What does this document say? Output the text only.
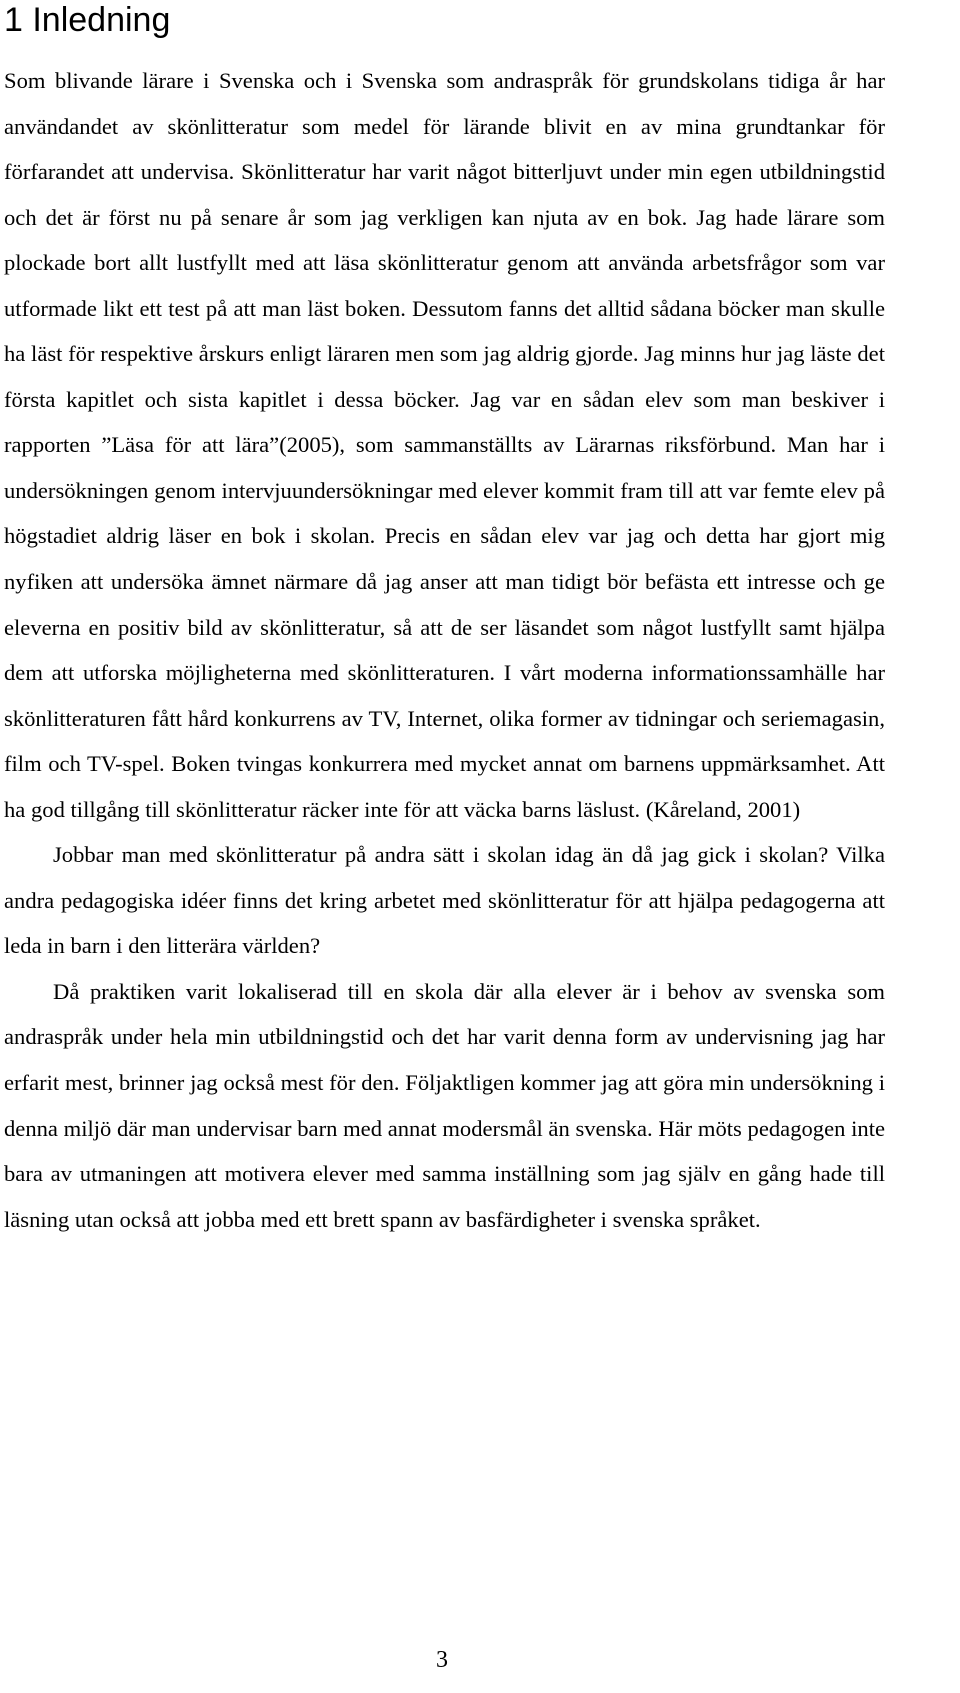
1 Inledning

Som blivande lärare i Svenska och i Svenska som andraspråk för grundskolans tidiga år har användandet av skönlitteratur som medel för lärande blivit en av mina grundtankar för förfarandet att undervisa. Skönlitteratur har varit något bitterljuvt under min egen utbildningstid och det är först nu på senare år som jag verkligen kan njuta av en bok. Jag hade lärare som plockade bort allt lustfyllt med att läsa skönlitteratur genom att använda arbetsfrågor som var utformade likt ett test på att man läst boken. Dessutom fanns det alltid sådana böcker man skulle ha läst för respektive årskurs enligt läraren men som jag aldrig gjorde. Jag minns hur jag läste det första kapitlet och sista kapitlet i dessa böcker. Jag var en sådan elev som man beskiver i rapporten ”Läsa för att lära”(2005), som sammanställts av Lärarnas riksförbund. Man har i undersökningen genom intervjuundersökningar med elever kommit fram till att var femte elev på högstadiet aldrig läser en bok i skolan. Precis en sådan elev var jag och detta har gjort mig nyfiken att undersöka ämnet närmare då jag anser att man tidigt bör befästa ett intresse och ge eleverna en positiv bild av skönlitteratur, så att de ser läsandet som något lustfyllt samt hjälpa dem att utforska möjligheterna med skönlitteraturen. I vårt moderna informationssamhälle har skönlitteraturen fått hård konkurrens av TV, Internet, olika former av tidningar och seriemagasin, film och TV-spel. Boken tvingas konkurrera med mycket annat om barnens uppmärksamhet. Att ha god tillgång till skönlitteratur räcker inte för att väcka barns läslust. (Kåreland, 2001)

Jobbar man med skönlitteratur på andra sätt i skolan idag än då jag gick i skolan? Vilka andra pedagogiska idéer finns det kring arbetet med skönlitteratur för att hjälpa pedagogerna att leda in barn i den litterära världen?

Då praktiken varit lokaliserad till en skola där alla elever är i behov av svenska som andraspråk under hela min utbildningstid och det har varit denna form av undervisning jag har erfarit mest, brinner jag också mest för den. Följaktligen kommer jag att göra min undersökning i denna miljö där man undervisar barn med annat modersmål än svenska. Här möts pedagogen inte bara av utmaningen att motivera elever med samma inställning som jag själv en gång hade till läsning utan också att jobba med ett brett spann av basfärdigheter i svenska språket.

3
